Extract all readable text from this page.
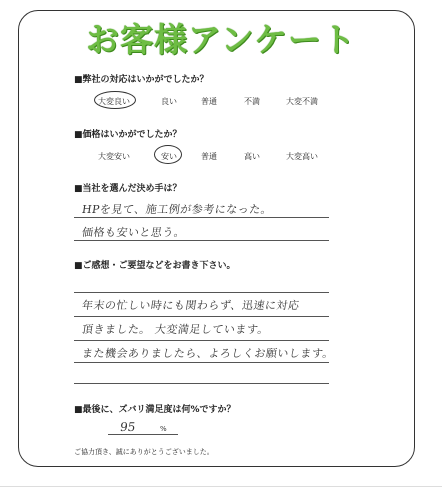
お客様アンケート
■弊社の対応はいかがでしたか？
大変良い	良い	普通	不満	大変不満
■価格はいかがでしたか？
大変安い	安い	普通	高い	大変高い
■当社を選んだ決め手は？
HPを見て、施工例が参考になった。
価格も安いと思う。
■ご感想・ご要望などをお書き下さい。
年末の忙しい時にも関わらず、迅速に対応
頂きました。 大変満足しています。
また機会ありましたら、よろしくお願いします。
■最後に、ズバリ満足度は何%ですか？
95	%
ご協力頂き、誠にありがとうございました。
